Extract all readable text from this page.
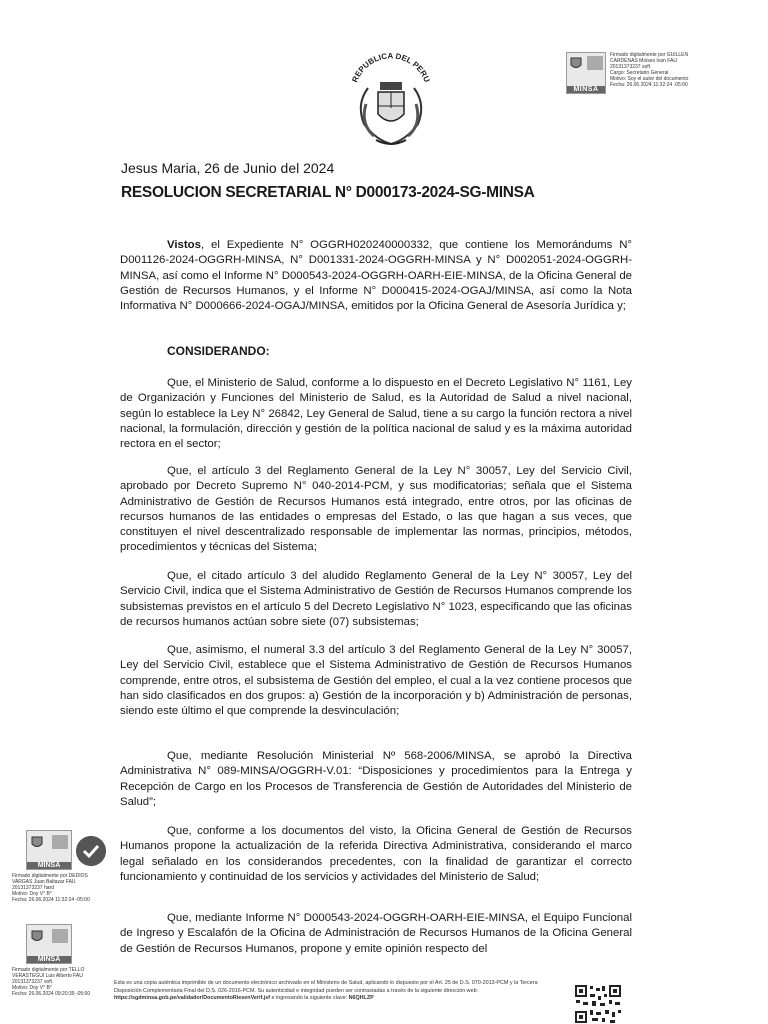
REPUBLICA DEL PERU
MINSA
Firmado digitalmente por GUILLEN
CARDENAS Moises Ivan FAU
20131373237 soft
Cargo: Secretario General
Motivo: Soy el autor del documento
Fecha: 26.06.2024 11:32:24 -05:00
Jesus Maria, 26 de Junio del 2024
RESOLUCION SECRETARIAL N° D000173-2024-SG-MINSA

Vistos, el Expediente N° OGGRH020240000332, que contiene los Memorándums N° D001126-2024-OGGRH-MINSA, N° D001331-2024-OGGRH-MINSA y N° D002051-2024-OGGRH-MINSA, así como el Informe N° D000543-2024-OGGRH-OARH-EIE-MINSA, de la Oficina General de Gestión de Recursos Humanos, y el Informe N° D000415-2024-OGAJ/MINSA, así como la Nota Informativa N° D000666-2024-OGAJ/MINSA, emitidos por la Oficina General de Asesoría Jurídica y;

CONSIDERANDO:

Que, el Ministerio de Salud, conforme a lo dispuesto en el Decreto Legislativo N° 1161, Ley de Organización y Funciones del Ministerio de Salud, es la Autoridad de Salud a nivel nacional, según lo establece la Ley N° 26842, Ley General de Salud, tiene a su cargo la función rectora a nivel nacional, la formulación, dirección y gestión de la política nacional de salud y es la máxima autoridad rectora en el sector;

Que, el artículo 3 del Reglamento General de la Ley N° 30057, Ley del Servicio Civil, aprobado por Decreto Supremo N° 040-2014-PCM, y sus modificatorias; señala que el Sistema Administrativo de Gestión de Recursos Humanos está integrado, entre otros, por las oficinas de recursos humanos de las entidades o empresas del Estado, o las que hagan a sus veces, que constituyen el nivel descentralizado responsable de implementar las normas, principios, métodos, procedimientos y técnicas del Sistema;

Que, el citado artículo 3 del aludido Reglamento General de la Ley N° 30057, Ley del Servicio Civil, indica que el Sistema Administrativo de Gestión de Recursos Humanos comprende los subsistemas previstos en el artículo 5 del Decreto Legislativo N° 1023, especificando que las oficinas de recursos humanos actúan sobre siete (07) subsistemas;

Que, asimismo, el numeral 3.3 del artículo 3 del Reglamento General de la Ley N° 30057, Ley del Servicio Civil, establece que el Sistema Administrativo de Gestión de Recursos Humanos comprende, entre otros, el subsistema de Gestión del empleo, el cual a la vez contiene procesos que han sido clasificados en dos grupos: a) Gestión de la incorporación y b) Administración de personas, siendo este último el que comprende la desvinculación;

Que, mediante Resolución Ministerial Nº 568-2006/MINSA, se aprobó la Directiva Administrativa N° 089-MINSA/OGGRH-V.01: “Disposiciones y procedimientos para la Entrega y Recepción de Cargo en los Procesos de Transferencia de Gestión de Autoridades del Ministerio de Salud”;

Que, conforme a los documentos del visto, la Oficina General de Gestión de Recursos Humanos propone la actualización de la referida Directiva Administrativa, considerando el marco legal señalado en los considerandos precedentes, con la finalidad de garantizar el correcto funcionamiento y continuidad de los servicios y actividades del Ministerio de Salud;

Que, mediante Informe N° D000543-2024-OGGRH-OARH-EIE-MINSA, el Equipo Funcional de Ingreso y Escalafón de la Oficina de Administración de Recursos Humanos de la Oficina General de Gestión de Recursos Humanos, propone y emite opinión respecto del

MINSA
Firmado digitalmente por DEDIOS
VARGAS Juan Baltazar FAU
20131373237 hard
Motivo: Doy V° B°
Fecha: 26.06.2024 11:32:24 -05:00
MINSA
Firmado digitalmente por TELLO
VERASTEGUI Luis Alberto FAU
20131373237 soft
Motivo: Doy V° B°
Fecha: 26.06.2024 09:20:39 -05:00
Esta es una copia auténtica imprimible de un documento electrónico archivado en el Ministerio de Salud, aplicando lo dispuesto por el Art. 25 de D.S. 070-2013-PCM y la Tercera Disposición Complementaria Final del D.S. 026-2016-PCM. Su autenticidad e integridad pueden ser contrastadas a través de la siguiente dirección web: https://sgdminsa.gob.pe/validador/DocumentoRiesenVerif.jsf e ingresando la siguiente clave: N6QHLZP
